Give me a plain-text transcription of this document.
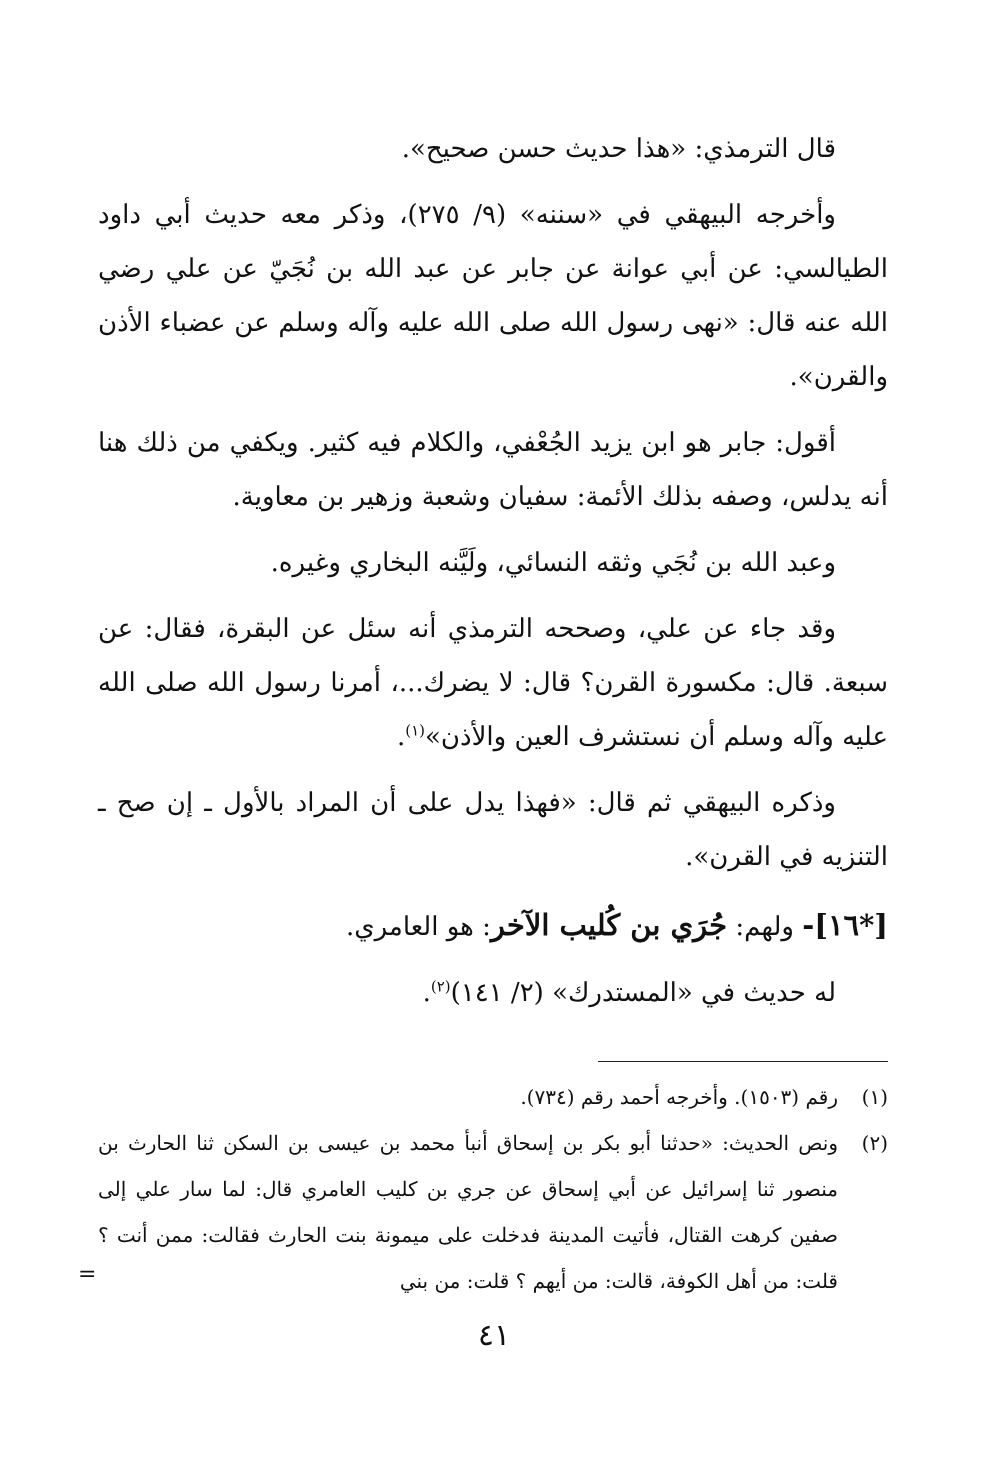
قال الترمذي: «هذا حديث حسن صحيح».

وأخرجه البيهقي في «سننه» (٩/ ٢٧٥)، وذكر معه حديث أبي داود الطيالسي: عن أبي عوانة عن جابر عن عبد الله بن نُجَيّ عن علي رضي الله عنه قال: «نهى رسول الله صلى الله عليه وآله وسلم عن عضباء الأذن والقرن».

أقول: جابر هو ابن يزيد الجُعْفي، والكلام فيه كثير. ويكفي من ذلك هنا أنه يدلس، وصفه بذلك الأئمة: سفيان وشعبة وزهير بن معاوية.

وعبد الله بن نُجَي وثقه النسائي، ولَيَّنه البخاري وغيره.

وقد جاء عن علي، وصححه الترمذي أنه سئل عن البقرة، فقال: عن سبعة. قال: مكسورة القرن؟ قال: لا يضرك...، أمرنا رسول الله صلى الله عليه وآله وسلم أن نستشرف العين والأذن»$^{(١)}$.

وذكره البيهقي ثم قال: «فهذا يدل على أن المراد بالأول ـ إن صح ـ التنزيه في القرن».

[*١٦]- ولهم: جُرَي بن كُليب الآخر: هو العامري.

له حديث في «المستدرك» (٢/ ١٤١)$^{(٢)}$.

(١)
رقم (١٥٠٣). وأخرجه أحمد رقم (٧٣٤).
(٢)
ونص الحديث: «حدثنا أبو بكر بن إسحاق أنبأ محمد بن عيسى بن السكن ثنا الحارث بن منصور ثنا إسرائيل عن أبي إسحاق عن جري بن كليب العامري قال: لما سار علي إلى صفين كرهت القتال، فأتيت المدينة فدخلت على ميمونة بنت الحارث فقالت: ممن أنت ؟ قلت: من أهل الكوفة، قالت: من أيهم ؟ قلت: من بني
=
٤١
